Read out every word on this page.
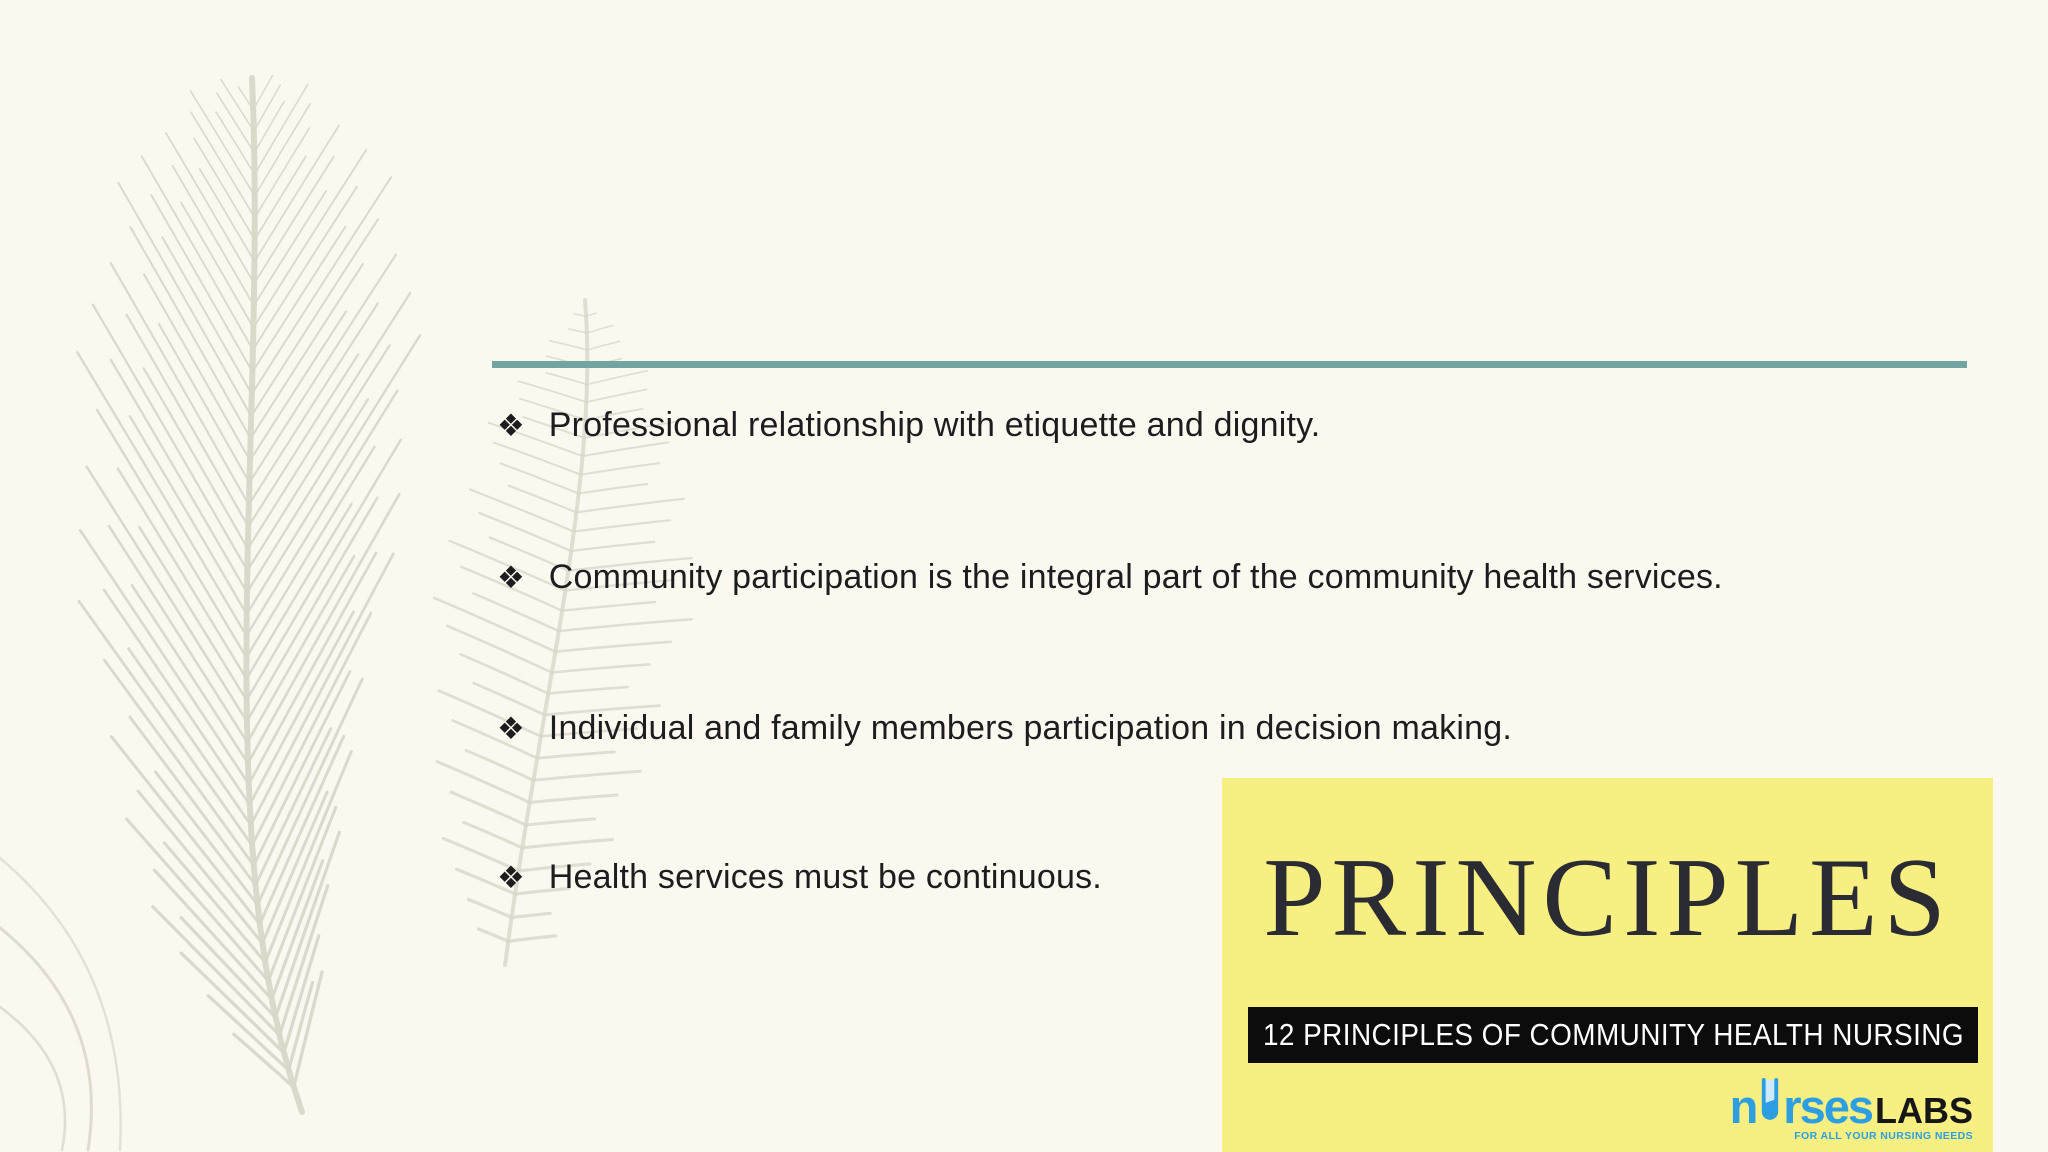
❖ Professional relationship with etiquette and dignity.
❖ Community participation is the integral part of the community health services.
❖ Individual and family members participation in decision making.
❖ Health services must be continuous.	PRINCIPLES
12 PRINCIPLES OF COMMUNITY HEALTH NURSING
n rsesLABS
FOR ALL YOUR NURSING NEEDS
